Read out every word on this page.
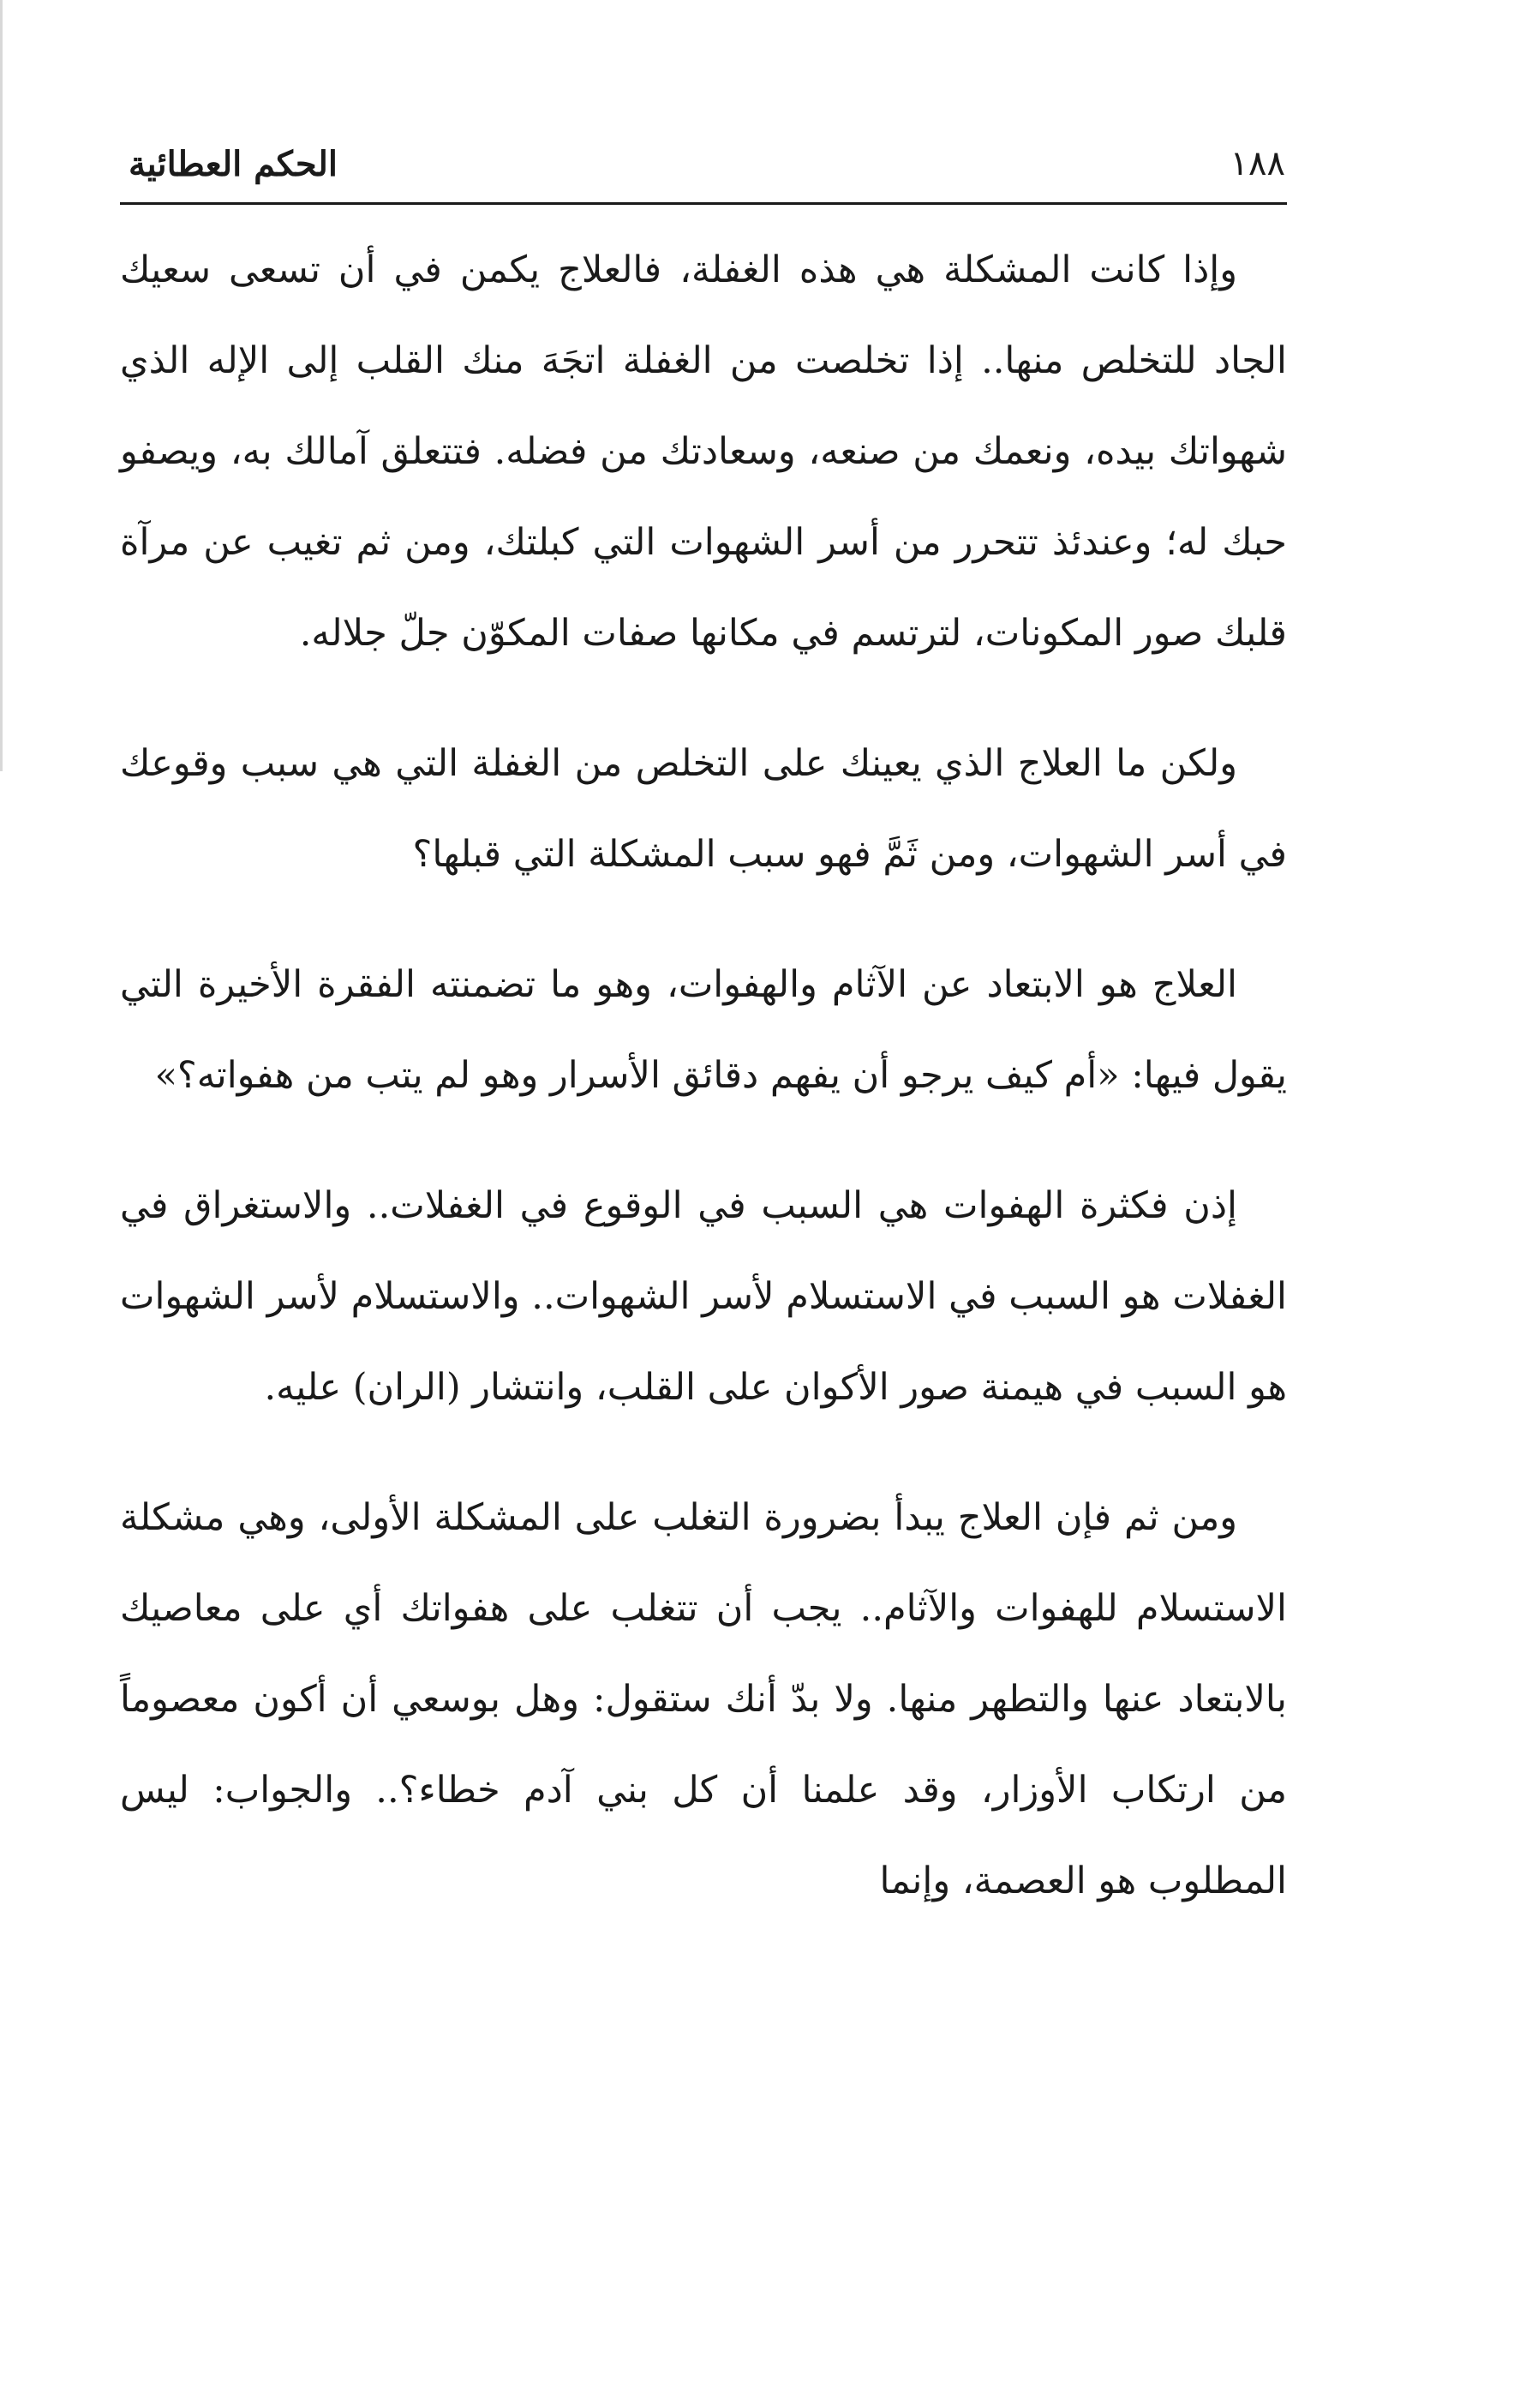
الحكم العطائية	١٨٨

وإذا كانت المشكلة هي هذه الغفلة، فالعلاج يكمن في أن تسعى سعيك الجاد للتخلص منها.. إذا تخلصت من الغفلة اتجَهَ منك القلب إلى الإله الذي شهواتك بيده، ونعمك من صنعه، وسعادتك من فضله. فتتعلق آمالك به، ويصفو حبك له؛ وعندئذ تتحرر من أسر الشهوات التي كبلتك، ومن ثم تغيب عن مرآة قلبك صور المكونات، لترتسم في مكانها صفات المكوّن جلّ جلاله.

ولكن ما العلاج الذي يعينك على التخلص من الغفلة التي هي سبب وقوعك في أسر الشهوات، ومن ثَمَّ فهو سبب المشكلة التي قبلها؟

العلاج هو الابتعاد عن الآثام والهفوات، وهو ما تضمنته الفقرة الأخيرة التي يقول فيها: «أم كيف يرجو أن يفهم دقائق الأسرار وهو لم يتب من هفواته؟»

إذن فكثرة الهفوات هي السبب في الوقوع في الغفلات.. والاستغراق في الغفلات هو السبب في الاستسلام لأسر الشهوات.. والاستسلام لأسر الشهوات هو السبب في هيمنة صور الأكوان على القلب، وانتشار (الران) عليه.

ومن ثم فإن العلاج يبدأ بضرورة التغلب على المشكلة الأولى، وهي مشكلة الاستسلام للهفوات والآثام.. يجب أن تتغلب على هفواتك أي على معاصيك بالابتعاد عنها والتطهر منها. ولا بدّ أنك ستقول: وهل بوسعي أن أكون معصوماً من ارتكاب الأوزار، وقد علمنا أن كل بني آدم خطاء؟.. والجواب: ليس المطلوب هو العصمة، وإنما
